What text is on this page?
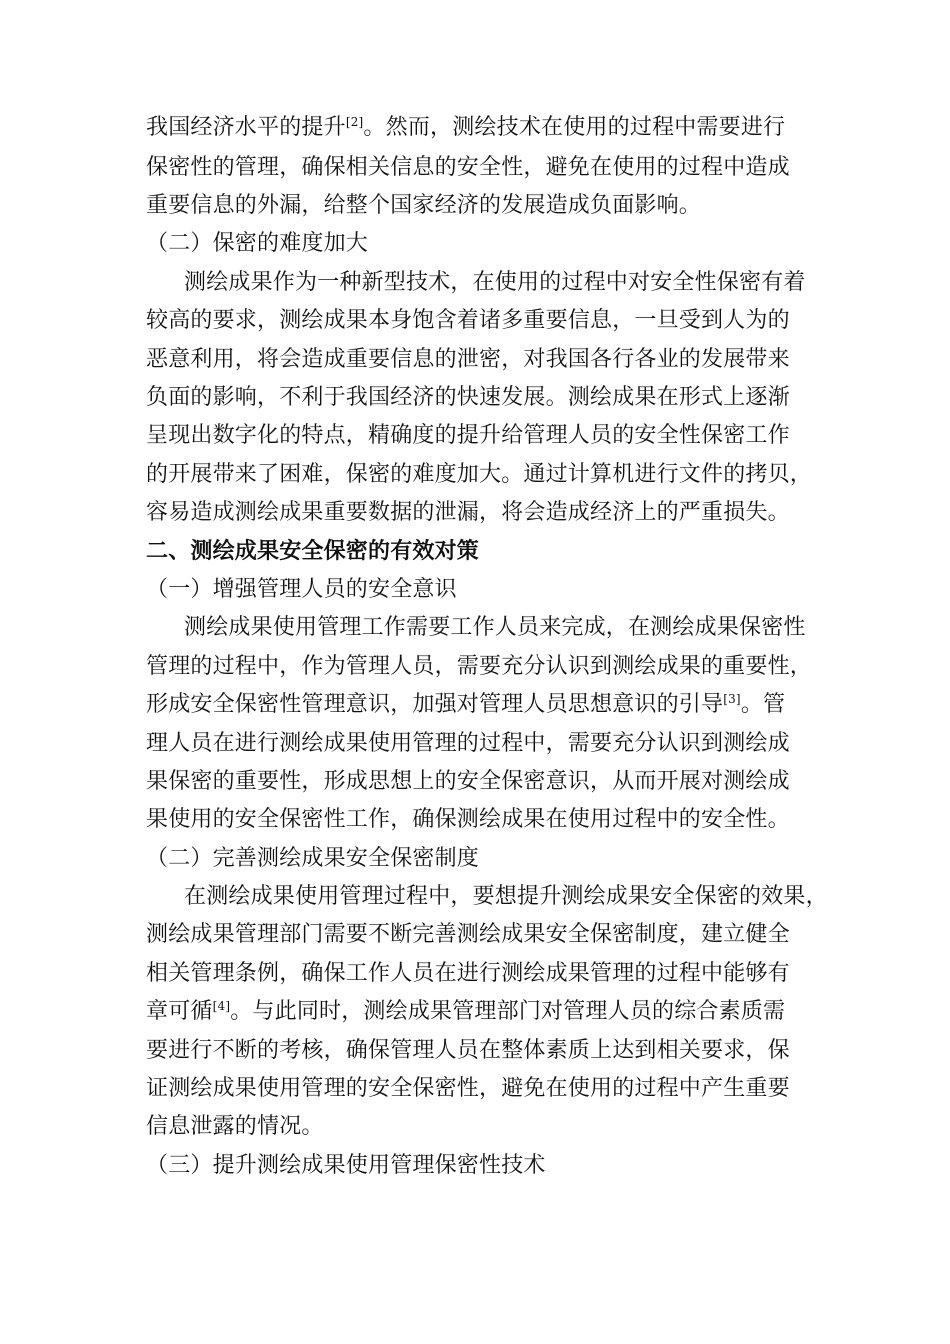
我国经济水平的提升[2]。然而，测绘技术在使用的过程中需要进行
保密性的管理，确保相关信息的安全性，避免在使用的过程中造成
重要信息的外漏，给整个国家经济的发展造成负面影响。
（二）保密的难度加大
测绘成果作为一种新型技术，在使用的过程中对安全性保密有着
较高的要求，测绘成果本身饱含着诸多重要信息，一旦受到人为的
恶意利用，将会造成重要信息的泄密，对我国各行各业的发展带来
负面的影响，不利于我国经济的快速发展。测绘成果在形式上逐渐
呈现出数字化的特点，精确度的提升给管理人员的安全性保密工作
的开展带来了困难，保密的难度加大。通过计算机进行文件的拷贝，
容易造成测绘成果重要数据的泄漏，将会造成经济上的严重损失。
二、测绘成果安全保密的有效对策
（一）增强管理人员的安全意识
测绘成果使用管理工作需要工作人员来完成，在测绘成果保密性
管理的过程中，作为管理人员，需要充分认识到测绘成果的重要性，
形成安全保密性管理意识，加强对管理人员思想意识的引导[3]。管
理人员在进行测绘成果使用管理的过程中，需要充分认识到测绘成
果保密的重要性，形成思想上的安全保密意识，从而开展对测绘成
果使用的安全保密性工作，确保测绘成果在使用过程中的安全性。
（二）完善测绘成果安全保密制度
在测绘成果使用管理过程中，要想提升测绘成果安全保密的效果，
测绘成果管理部门需要不断完善测绘成果安全保密制度，建立健全
相关管理条例，确保工作人员在进行测绘成果管理的过程中能够有
章可循[4]。与此同时，测绘成果管理部门对管理人员的综合素质需
要进行不断的考核，确保管理人员在整体素质上达到相关要求，保
证测绘成果使用管理的安全保密性，避免在使用的过程中产生重要
信息泄露的情况。
（三）提升测绘成果使用管理保密性技术
